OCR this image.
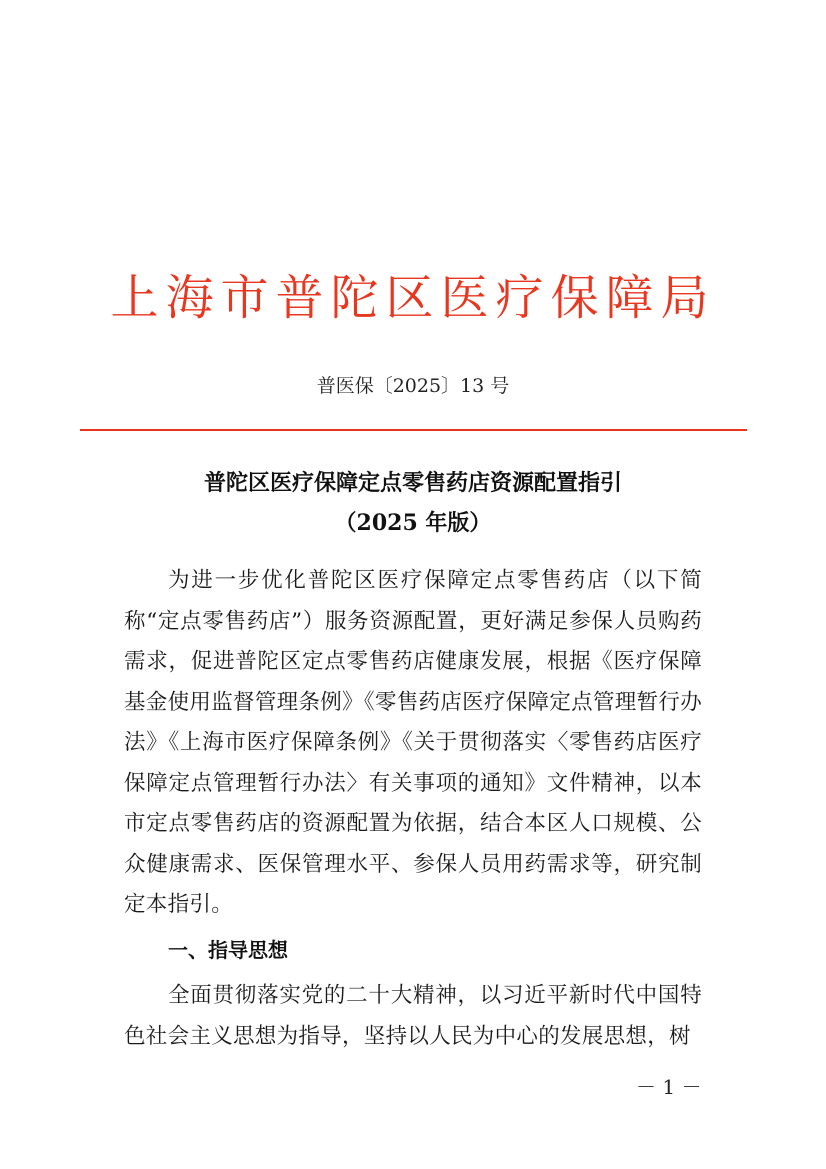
上海市普陀区医疗保障局
普医保〔2025〕13 号
普陀区医疗保障定点零售药店资源配置指引
（2025 年版）
为进一步优化普陀区医疗保障定点零售药店（以下简称“定点零售药店”）服务资源配置，更好满足参保人员购药需求，促进普陀区定点零售药店健康发展，根据《医疗保障基金使用监督管理条例》《零售药店医疗保障定点管理暂行办法》《上海市医疗保障条例》《关于贯彻落实〈零售药店医疗保障定点管理暂行办法〉有关事项的通知》文件精神，以本市定点零售药店的资源配置为依据，结合本区人口规模、公众健康需求、医保管理水平、参保人员用药需求等，研究制定本指引。
一、指导思想
全面贯彻落实党的二十大精神，以习近平新时代中国特色社会主义思想为指导，坚持以人民为中心的发展思想，树
－ 1 －
